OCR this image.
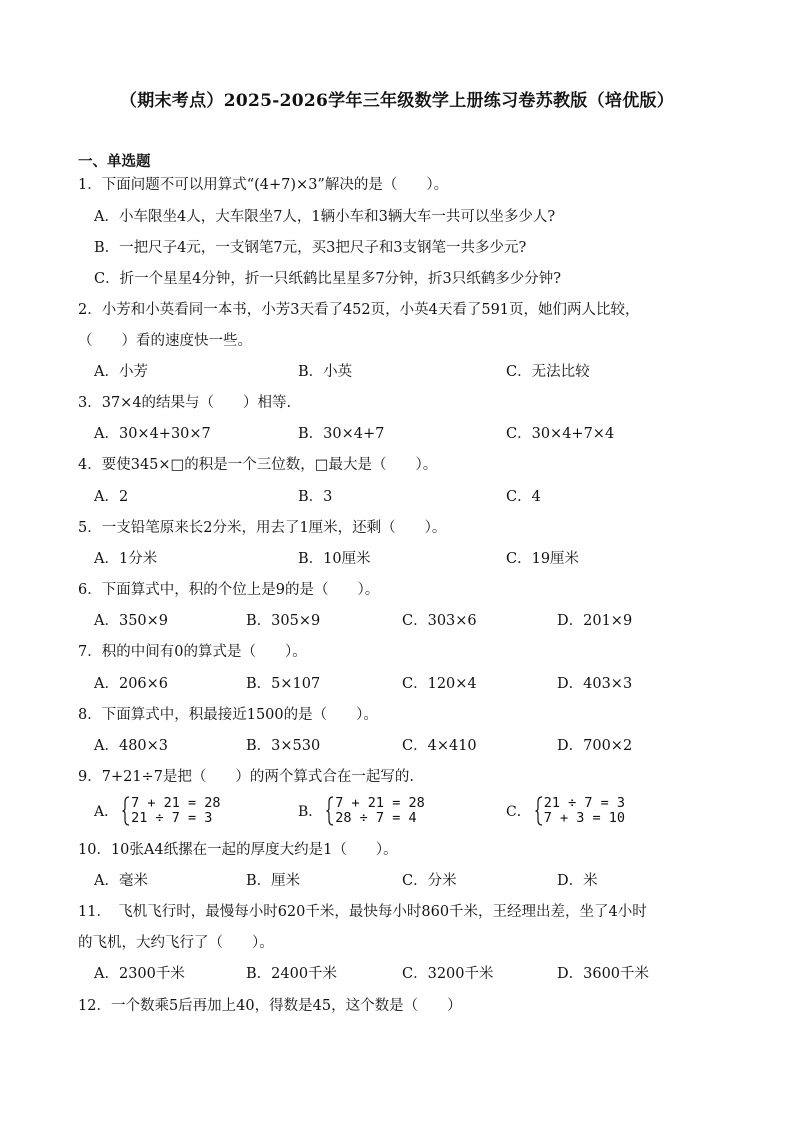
（期末考点）2025-2026学年三年级数学上册练习卷苏教版（培优版）
一、单选题
1．下面问题不可以用算式“(4+7)×3”解决的是（　　）。
A．小车限坐4人，大车限坐7人，1辆小车和3辆大车一共可以坐多少人?
B．一把尺子4元，一支钢笔7元，买3把尺子和3支钢笔一共多少元?
C．折一个星星4分钟，折一只纸鹤比星星多7分钟，折3只纸鹤多少分钟?
2．小芳和小英看同一本书，小芳3天看了452页，小英4天看了591页，她们两人比较，
（　　）看的速度快一些。
A．小芳	B．小英	C．无法比较
3．37×4的结果与（　　）相等.
A．30×4+30×7	B．30×4+7	C．30×4+7×4
4．要使345×□的积是一个三位数，□最大是（　　）。
A．2	B．3	C．4
5．一支铅笔原来长2分米，用去了1厘米，还剩（　　）。
A．1分米	B．10厘米	C．19厘米
6．下面算式中，积的个位上是9的是（　　）。
A．350×9	B．305×9	C．303×6	D．201×9
7．积的中间有0的算式是（　　）。
A．206×6	B．5×107	C．120×4	D．403×3
8．下面算式中，积最接近1500的是（　　）。
A．480×3	B．3×530	C．4×410	D．700×2
9．7+21÷7是把（　　）的两个算式合在一起写的.
A．
7 + 21 = 28
21 ÷ 7 = 3	B．
7 + 21 = 28
28 ÷ 7 = 4	C．
21 ÷ 7 = 3
7 + 3 = 10
10．10张A4纸摞在一起的厚度大约是1（　　）。
A．毫米	B．厘米	C．分米	D．米
11．　飞机飞行时，最慢每小时620千米，最快每小时860千米，王经理出差，坐了4小时
的飞机，大约飞行了（　　）。
A．2300千米	B．2400千米	C．3200千米	D．3600千米
12．一个数乘5后再加上40，得数是45，这个数是（　　）
